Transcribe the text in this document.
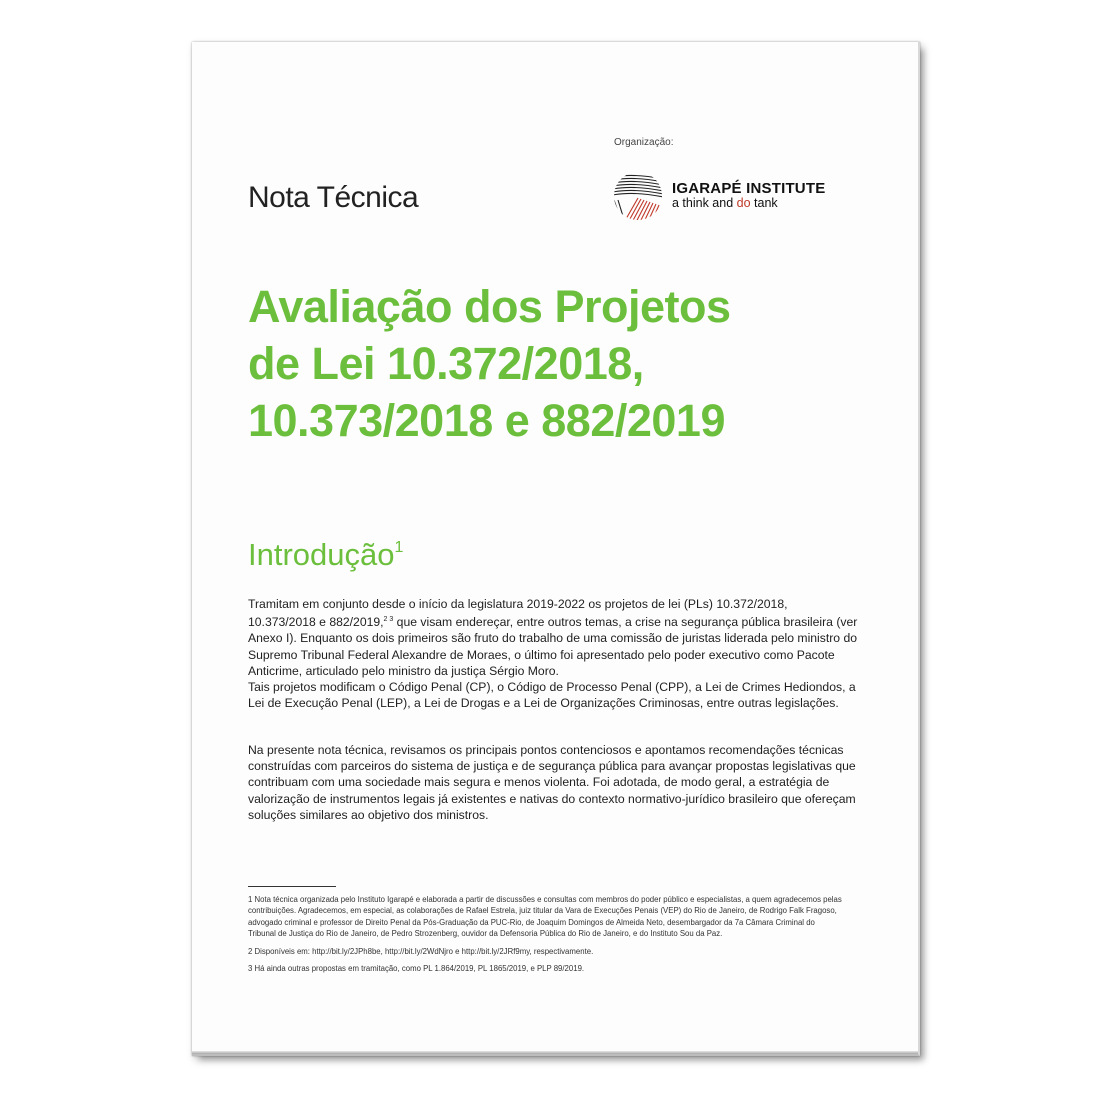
Organização:
IGARAPÉ INSTITUTE
a think and do tank
Nota Técnica
Avaliação dos Projetos
de Lei 10.372/2018,
10.373/2018 e 882/2019
Introdução$^1$

Tramitam em conjunto desde o início da legislatura 2019-2022 os projetos de lei (PLs) 10.372/2018, 10.373/2018 e 882/2019,$^{2 3}$ que visam endereçar, entre outros temas, a crise na segurança pública brasileira (ver Anexo I). Enquanto os dois primeiros são fruto do trabalho de uma comissão de juristas liderada pelo ministro do Supremo Tribunal Federal Alexandre de Moraes, o último foi apresentado pelo poder executivo como Pacote Anticrime, articulado pelo ministro da justiça Sérgio Moro.
Tais projetos modificam o Código Penal (CP), o Código de Processo Penal (CPP), a Lei de Crimes Hediondos, a Lei de Execução Penal (LEP), a Lei de Drogas e a Lei de Organizações Criminosas, entre outras legislações.

Na presente nota técnica, revisamos os principais pontos contenciosos e apontamos recomendações técnicas construídas com parceiros do sistema de justiça e de segurança pública para avançar propostas legislativas que contribuam com uma sociedade mais segura e menos violenta. Foi adotada, de modo geral, a estratégia de valorização de instrumentos legais já existentes e nativas do contexto normativo-jurídico brasileiro que ofereçam soluções similares ao objetivo dos ministros.

1 Nota técnica organizada pelo Instituto Igarapé e elaborada a partir de discussões e consultas com membros do poder público e especialistas, a quem agradecemos pelas contribuições. Agradecemos, em especial, as colaborações de Rafael Estrela, juiz titular da Vara de Execuções Penais (VEP) do Rio de Janeiro, de Rodrigo Falk Fragoso, advogado criminal e professor de Direito Penal da Pós-Graduação da PUC-Rio, de Joaquim Domingos de Almeida Neto, desembargador da 7a Câmara Criminal do Tribunal de Justiça do Rio de Janeiro, de Pedro Strozenberg, ouvidor da Defensoria Pública do Rio de Janeiro, e do Instituto Sou da Paz.

2 Disponíveis em: http://bit.ly/2JPh8be, http://bit.ly/2WdNjro e http://bit.ly/2JRf9my, respectivamente.

3 Há ainda outras propostas em tramitação, como PL 1.864/2019, PL 1865/2019, e PLP 89/2019.
